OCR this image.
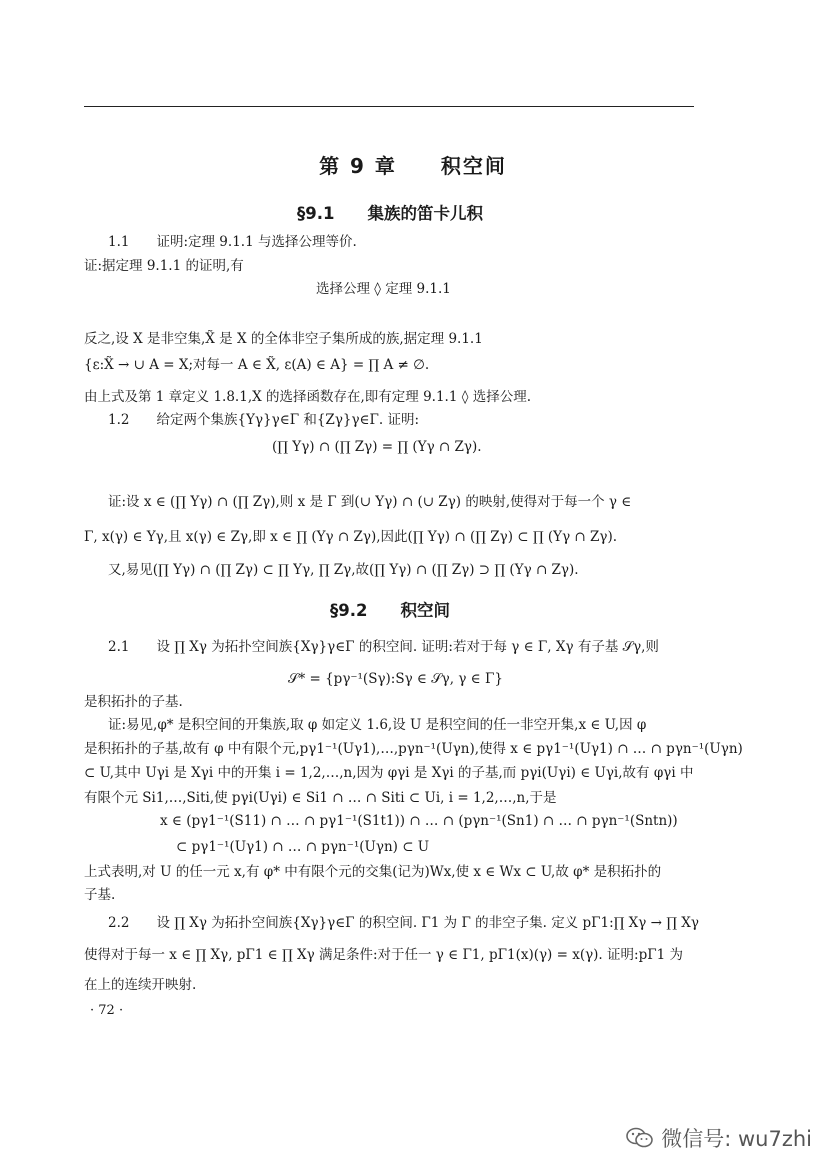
第 9 章　　积空间
§9.1　　集族的笛卡儿积
1.1　　证明:定理 9.1.1 与选择公理等价.
证:据定理 9.1.1 的证明,有
选择公理 ◊ 定理 9.1.1
反之,设 X 是非空集,X̃ 是 X 的全体非空子集所成的族,据定理 9.1.1
{ε:X̃ → ∪ A = X;对每一 A ∈ X̃, ε(A) ∈ A} = ∏ A ≠ ∅.
由上式及第 1 章定义 1.8.1,X 的选择函数存在,即有定理 9.1.1 ◊ 选择公理.
1.2　　给定两个集族{Yγ}γ∈Γ 和{Zγ}γ∈Γ. 证明:
(∏ Yγ) ∩ (∏ Zγ) = ∏ (Yγ ∩ Zγ).
证:设 x ∈ (∏ Yγ) ∩ (∏ Zγ),则 x 是 Γ 到(∪ Yγ) ∩ (∪ Zγ) 的映射,使得对于每一个 γ ∈
Γ, x(γ) ∈ Yγ,且 x(γ) ∈ Zγ,即 x ∈ ∏ (Yγ ∩ Zγ),因此(∏ Yγ) ∩ (∏ Zγ) ⊂ ∏ (Yγ ∩ Zγ).
又,易见(∏ Yγ) ∩ (∏ Zγ) ⊂ ∏ Yγ, ∏ Zγ,故(∏ Yγ) ∩ (∏ Zγ) ⊃ ∏ (Yγ ∩ Zγ).
§9.2　　积空间
2.1　　设 ∏ Xγ 为拓扑空间族{Xγ}γ∈Γ 的积空间. 证明:若对于每 γ ∈ Γ, Xγ 有子基 𝒮γ,则
𝒮* = {pγ⁻¹(Sγ):Sγ ∈ 𝒮γ, γ ∈ Γ}
是积拓扑的子基.
证:易见,φ* 是积空间的开集族,取 φ 如定义 1.6,设 U 是积空间的任一非空开集,x ∈ U,因 φ
是积拓扑的子基,故有 φ 中有限个元,pγ1⁻¹(Uγ1),…,pγn⁻¹(Uγn),使得 x ∈ pγ1⁻¹(Uγ1) ∩ … ∩ pγn⁻¹(Uγn)
⊂ U,其中 Uγi 是 Xγi 中的开集 i = 1,2,…,n,因为 φγi 是 Xγi 的子基,而 pγi(Uγi) ∈ Uγi,故有 φγi 中
有限个元 Si1,…,Siti,使 pγi(Uγi) ∈ Si1 ∩ … ∩ Siti ⊂ Ui, i = 1,2,…,n,于是
x ∈ (pγ1⁻¹(S11) ∩ … ∩ pγ1⁻¹(S1t1)) ∩ … ∩ (pγn⁻¹(Sn1) ∩ … ∩ pγn⁻¹(Sntn))
⊂ pγ1⁻¹(Uγ1) ∩ … ∩ pγn⁻¹(Uγn) ⊂ U
上式表明,对 U 的任一元 x,有 φ* 中有限个元的交集(记为)Wx,使 x ∈ Wx ⊂ U,故 φ* 是积拓扑的
子基.
2.2　　设 ∏ Xγ 为拓扑空间族{Xγ}γ∈Γ 的积空间. Γ1 为 Γ 的非空子集. 定义 pΓ1:∏ Xγ → ∏ Xγ
使得对于每一 x ∈ ∏ Xγ, pΓ1 ∈ ∏ Xγ 满足条件:对于任一 γ ∈ Γ1, pΓ1(x)(γ) = x(γ). 证明:pΓ1 为
在上的连续开映射.
· 72 ·
微信号: wu7zhi
